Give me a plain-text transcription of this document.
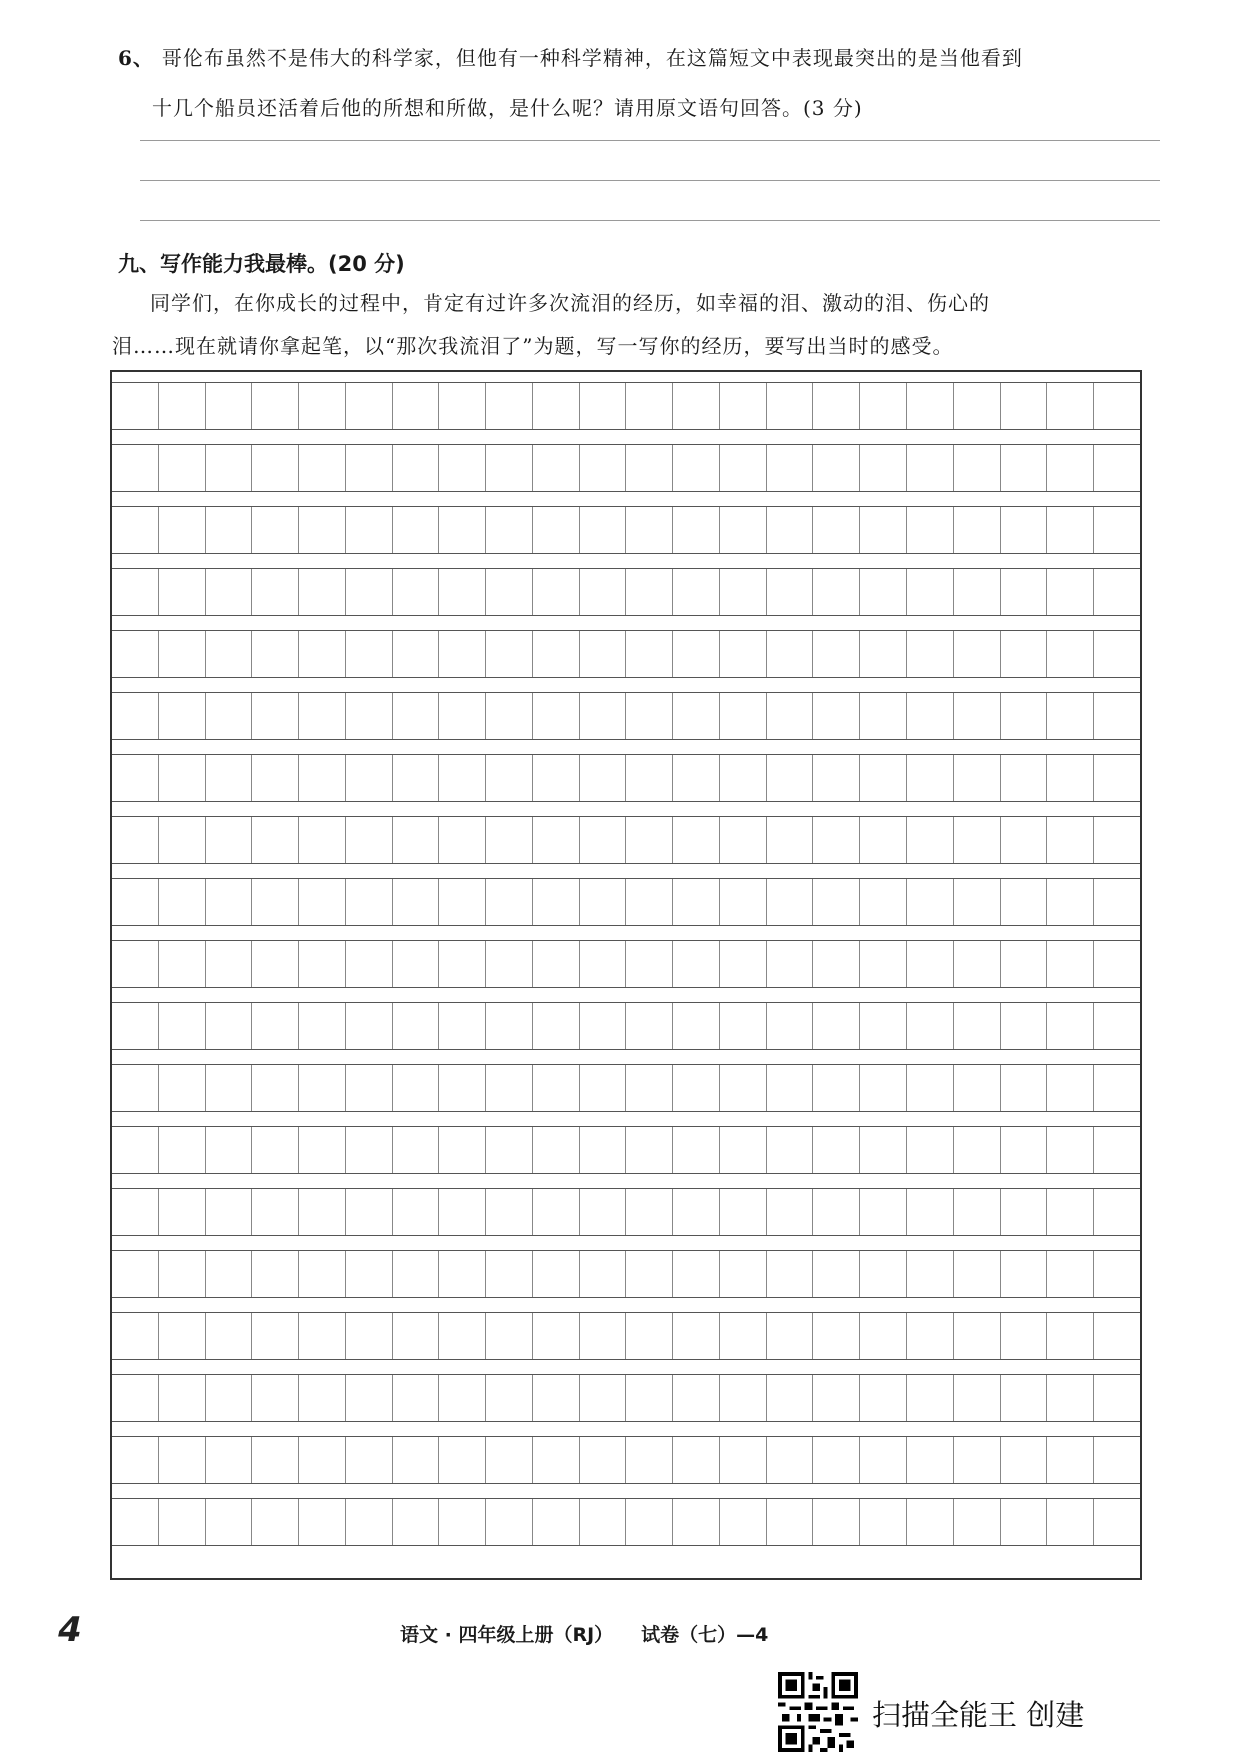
6、 哥伦布虽然不是伟大的科学家，但他有一种科学精神，在这篇短文中表现最突出的是当他看到
十几个船员还活着后他的所想和所做，是什么呢？请用原文语句回答。(3 分)
九、写作能力我最棒。(20 分)
同学们，在你成长的过程中，肯定有过许多次流泪的经历，如幸福的泪、激动的泪、伤心的
泪……现在就请你拿起笔，以“那次我流泪了”为题，写一写你的经历，要写出当时的感受。
4	语文 · 四年级上册（RJ） 试卷（七）—4
扫描全能王 创建
